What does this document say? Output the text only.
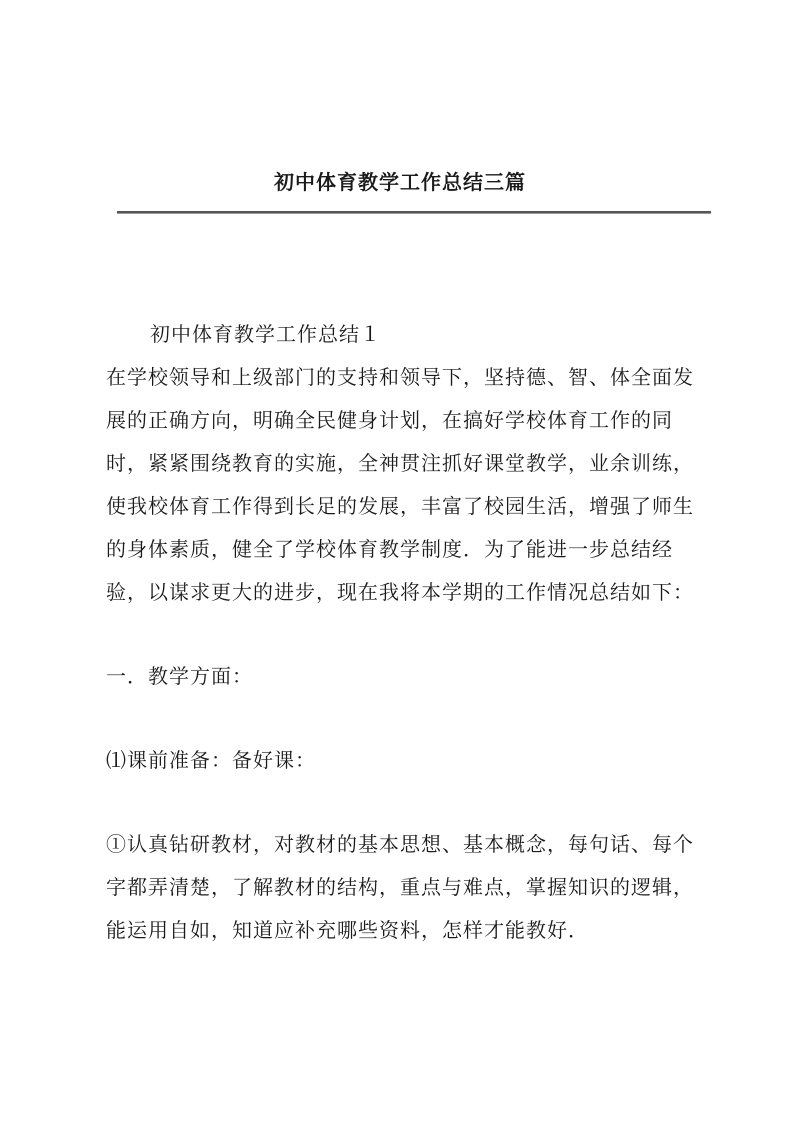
初中体育教学工作总结三篇

初中体育教学工作总结１

在学校领导和上级部门的支持和领导下，坚持德、智、体全面发展的正确方向，明确全民健身计划，在搞好学校体育工作的同时，紧紧围绕教育的实施，全神贯注抓好课堂教学，业余训练，使我校体育工作得到长足的发展，丰富了校园生活，增强了师生的身体素质，健全了学校体育教学制度．为了能进一步总结经验，以谋求更大的进步，现在我将本学期的工作情况总结如下：

一．教学方面：

⑴课前准备：备好课：

①认真钻研教材，对教材的基本思想、基本概念，每句话、每个字都弄清楚，了解教材的结构，重点与难点，掌握知识的逻辑，能运用自如，知道应补充哪些资料，怎样才能教好．
